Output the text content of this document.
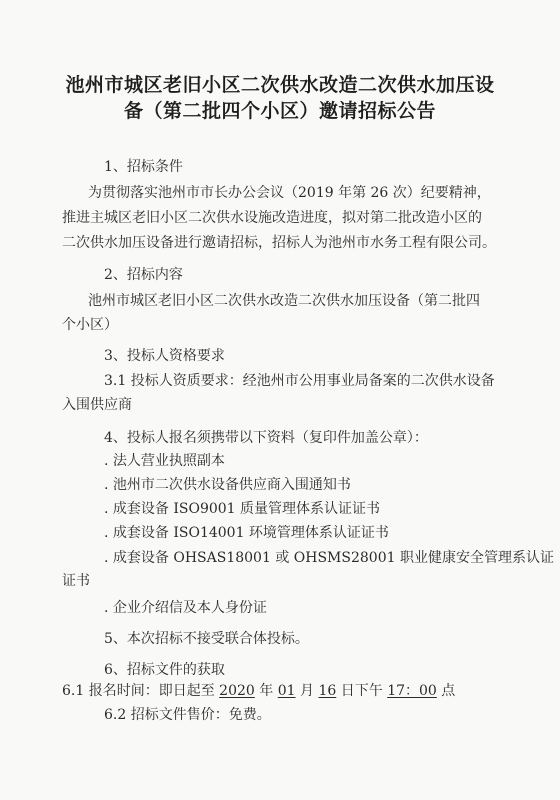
池州市城区老旧小区二次供水改造二次供水加压设
备（第二批四个小区）邀请招标公告
1、招标条件
为贯彻落实池州市市长办公会议（2019 年第 26 次）纪要精神，
推进主城区老旧小区二次供水设施改造进度，拟对第二批改造小区的
二次供水加压设备进行邀请招标，招标人为池州市水务工程有限公司。
2、招标内容
池州市城区老旧小区二次供水改造二次供水加压设备（第二批四
个小区）
3、投标人资格要求
3.1 投标人资质要求：经池州市公用事业局备案的二次供水设备
入围供应商
4、投标人报名须携带以下资料（复印件加盖公章）：
. 法人营业执照副本
. 池州市二次供水设备供应商入围通知书
. 成套设备 ISO9001 质量管理体系认证证书
. 成套设备 ISO14001 环境管理体系认证证书
. 成套设备 OHSAS18001 或 OHSMS28001 职业健康安全管理系认证
证书
. 企业介绍信及本人身份证
5、本次招标不接受联合体投标。
6、招标文件的获取
6.1 报名时间：即日起至 2020 年 01 月 16 日下午 17：00 点
6.2 招标文件售价：免费。
